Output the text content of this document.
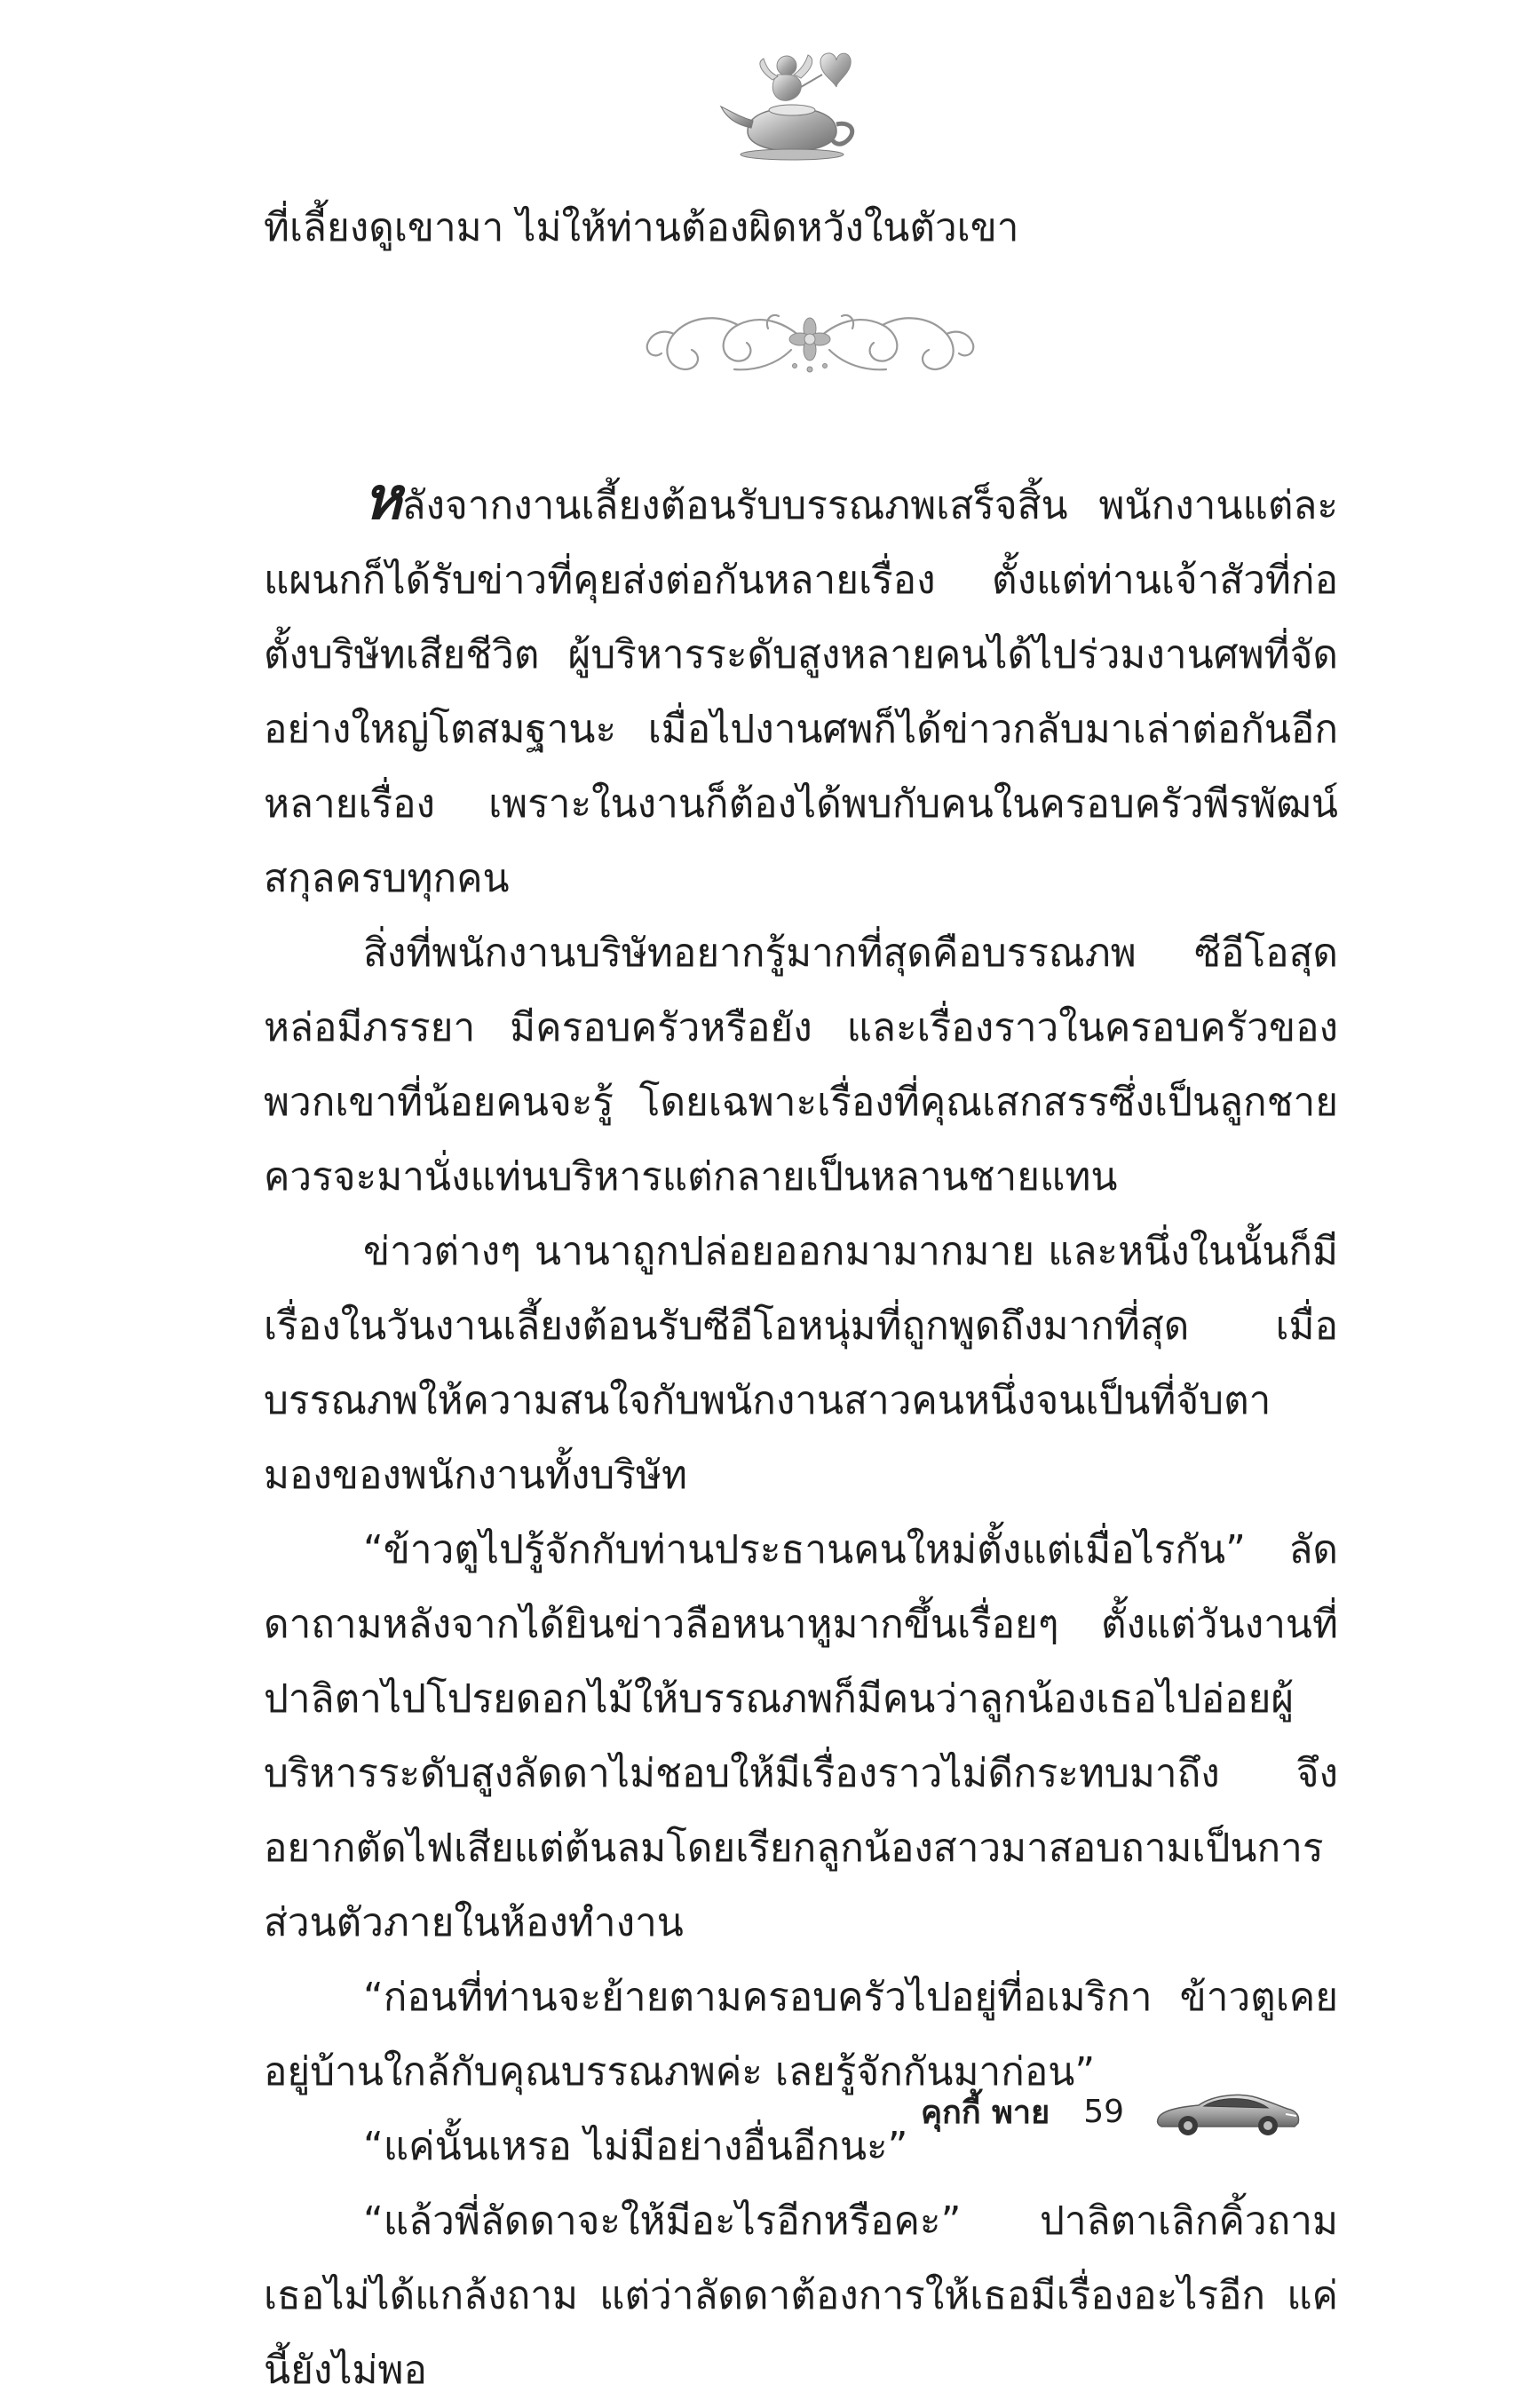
ที่เลี้ยงดูเขามา ไม่ให้ท่านต้องผิดหวังในตัวเขา

หลังจากงานเลี้ยงต้อนรับบรรณภพเสร็จสิ้น พนักงานแต่ละแผนกก็ได้รับข่าวที่คุยส่งต่อกันหลายเรื่อง ตั้งแต่ท่านเจ้าสัวที่ก่อตั้งบริษัทเสียชีวิต ผู้บริหารระดับสูงหลายคนได้ไปร่วมงานศพที่จัดอย่างใหญ่โตสมฐานะ เมื่อไปงานศพก็ได้ข่าวกลับมาเล่าต่อกันอีกหลายเรื่อง เพราะในงานก็ต้องได้พบกับคนในครอบครัวพีรพัฒน์สกุลครบทุกคน

สิ่งที่พนักงานบริษัทอยากรู้มากที่สุดคือบรรณภพ ซีอีโอสุดหล่อมีภรรยา มีครอบครัวหรือยัง และเรื่องราวในครอบครัวของพวกเขาที่น้อยคนจะรู้ โดยเฉพาะเรื่องที่คุณเสกสรรซึ่งเป็นลูกชายควรจะมานั่งแท่นบริหารแต่กลายเป็นหลานชายแทน

ข่าวต่างๆ นานาถูกปล่อยออกมามากมาย และหนึ่งในนั้นก็มีเรื่องในวันงานเลี้ยงต้อนรับซีอีโอหนุ่มที่ถูกพูดถึงมากที่สุด เมื่อบรรณภพให้ความสนใจกับพนักงานสาวคนหนึ่งจนเป็นที่จับตามองของพนักงานทั้งบริษัท

“ข้าวตูไปรู้จักกับท่านประธานคนใหม่ตั้งแต่เมื่อไรกัน” ลัดดาถามหลังจากได้ยินข่าวลือหนาหูมากขึ้นเรื่อยๆ ตั้งแต่วันงานที่ปาลิตาไปโปรยดอกไม้ให้บรรณภพก็มีคนว่าลูกน้องเธอไปอ่อยผู้บริหารระดับสูงลัดดาไม่ชอบให้มีเรื่องราวไม่ดีกระทบมาถึง จึงอยากตัดไฟเสียแต่ต้นลมโดยเรียกลูกน้องสาวมาสอบถามเป็นการส่วนตัวภายในห้องทำงาน

“ก่อนที่ท่านจะย้ายตามครอบครัวไปอยู่ที่อเมริกา ข้าวตูเคยอยู่บ้านใกล้กับคุณบรรณภพค่ะ เลยรู้จักกันมาก่อน”

“แค่นั้นเหรอ ไม่มีอย่างอื่นอีกนะ”

“แล้วพี่ลัดดาจะให้มีอะไรอีกหรือคะ” ปาลิตาเลิกคิ้วถาม เธอไม่ได้แกล้งถาม แต่ว่าลัดดาต้องการให้เธอมีเรื่องอะไรอีก แค่นี้ยังไม่พอ

คุกกี้ พาย 59
